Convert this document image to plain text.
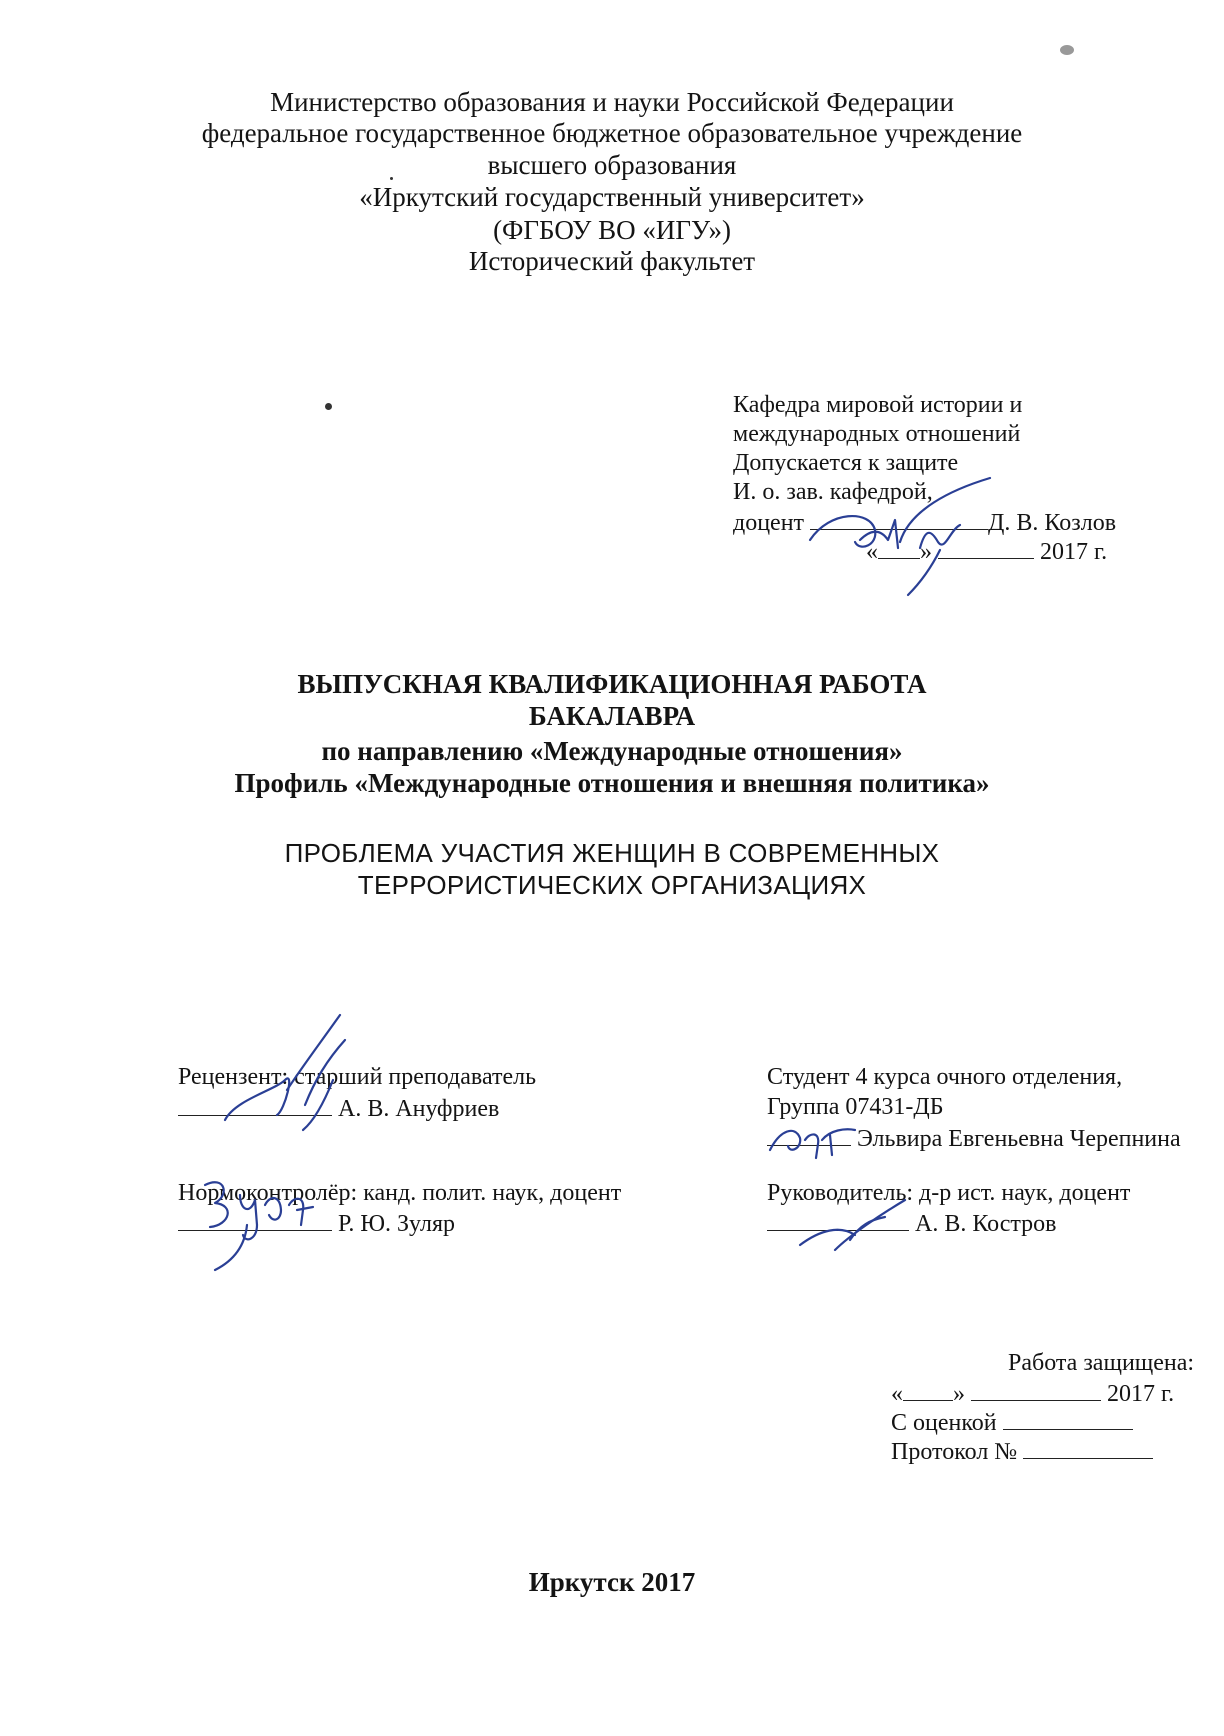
Министерство образования и науки Российской Федерации
федеральное государственное бюджетное образовательное учреждение
высшего образования
«Иркутский государственный университет»
(ФГБОУ ВО «ИГУ»)
Исторический факультет
Кафедра мировой истории и
международных отношений
Допускается к защите
И. о. зав. кафедрой,
доцент	Д. В. Козлов
« »	2017 г.
ВЫПУСКНАЯ КВАЛИФИКАЦИОННАЯ РАБОТА
БАКАЛАВРА
по направлению «Международные отношения»
Профиль «Международные отношения и внешняя политика»
ПРОБЛЕМА УЧАСТИЯ ЖЕНЩИН В СОВРЕМЕННЫХ
ТЕРРОРИСТИЧЕСКИХ ОРГАНИЗАЦИЯХ
Рецензент: старший преподаватель
А. В. Ануфриев
Нормоконтролёр: канд. полит. наук, доцент
Р. Ю. Зуляр
Студент 4 курса очного отделения,
Группа 07431-ДБ
Эльвира Евгеньевна Черепнина
Руководитель: д-р ист. наук, доцент
А. В. Костров
Работа защищена:
« »	2017 г.
С оценкой
Протокол №
Иркутск 2017
